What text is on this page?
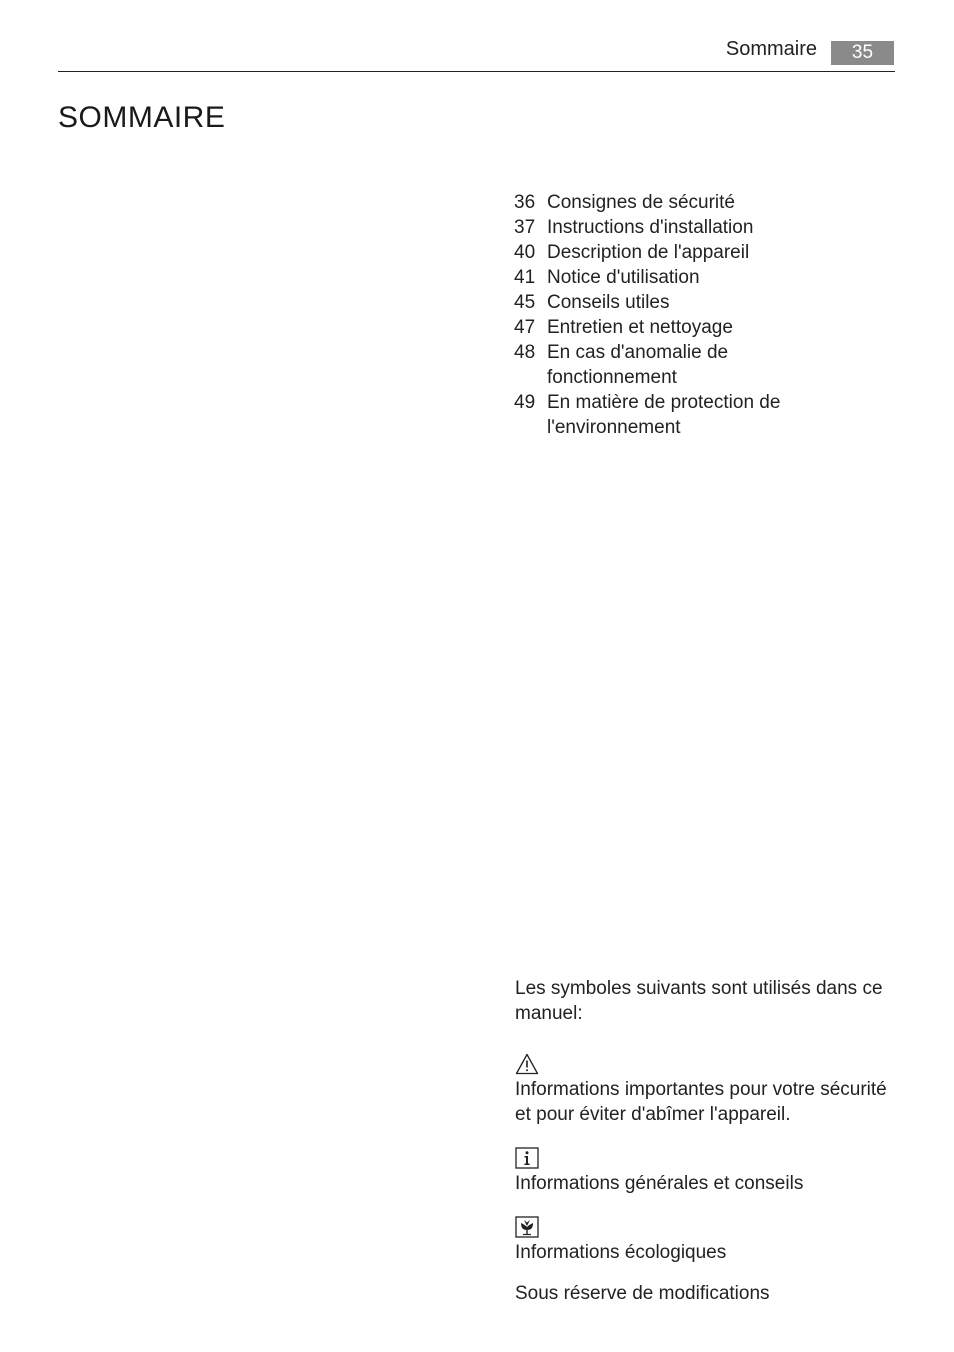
Sommaire	35
SOMMAIRE
36 Consignes de sécurité
37 Instructions d'installation
40 Description de l'appareil
41 Notice d'utilisation
45 Conseils utiles
47 Entretien et nettoyage
48 En cas d'anomalie de fonctionnement
49 En matière de protection de l'environnement

Les symboles suivants sont utilisés dans ce manuel:

Informations importantes pour votre sécurité et pour éviter d'abîmer l'appareil.

Informations générales et conseils

Informations écologiques

Sous réserve de modifications
